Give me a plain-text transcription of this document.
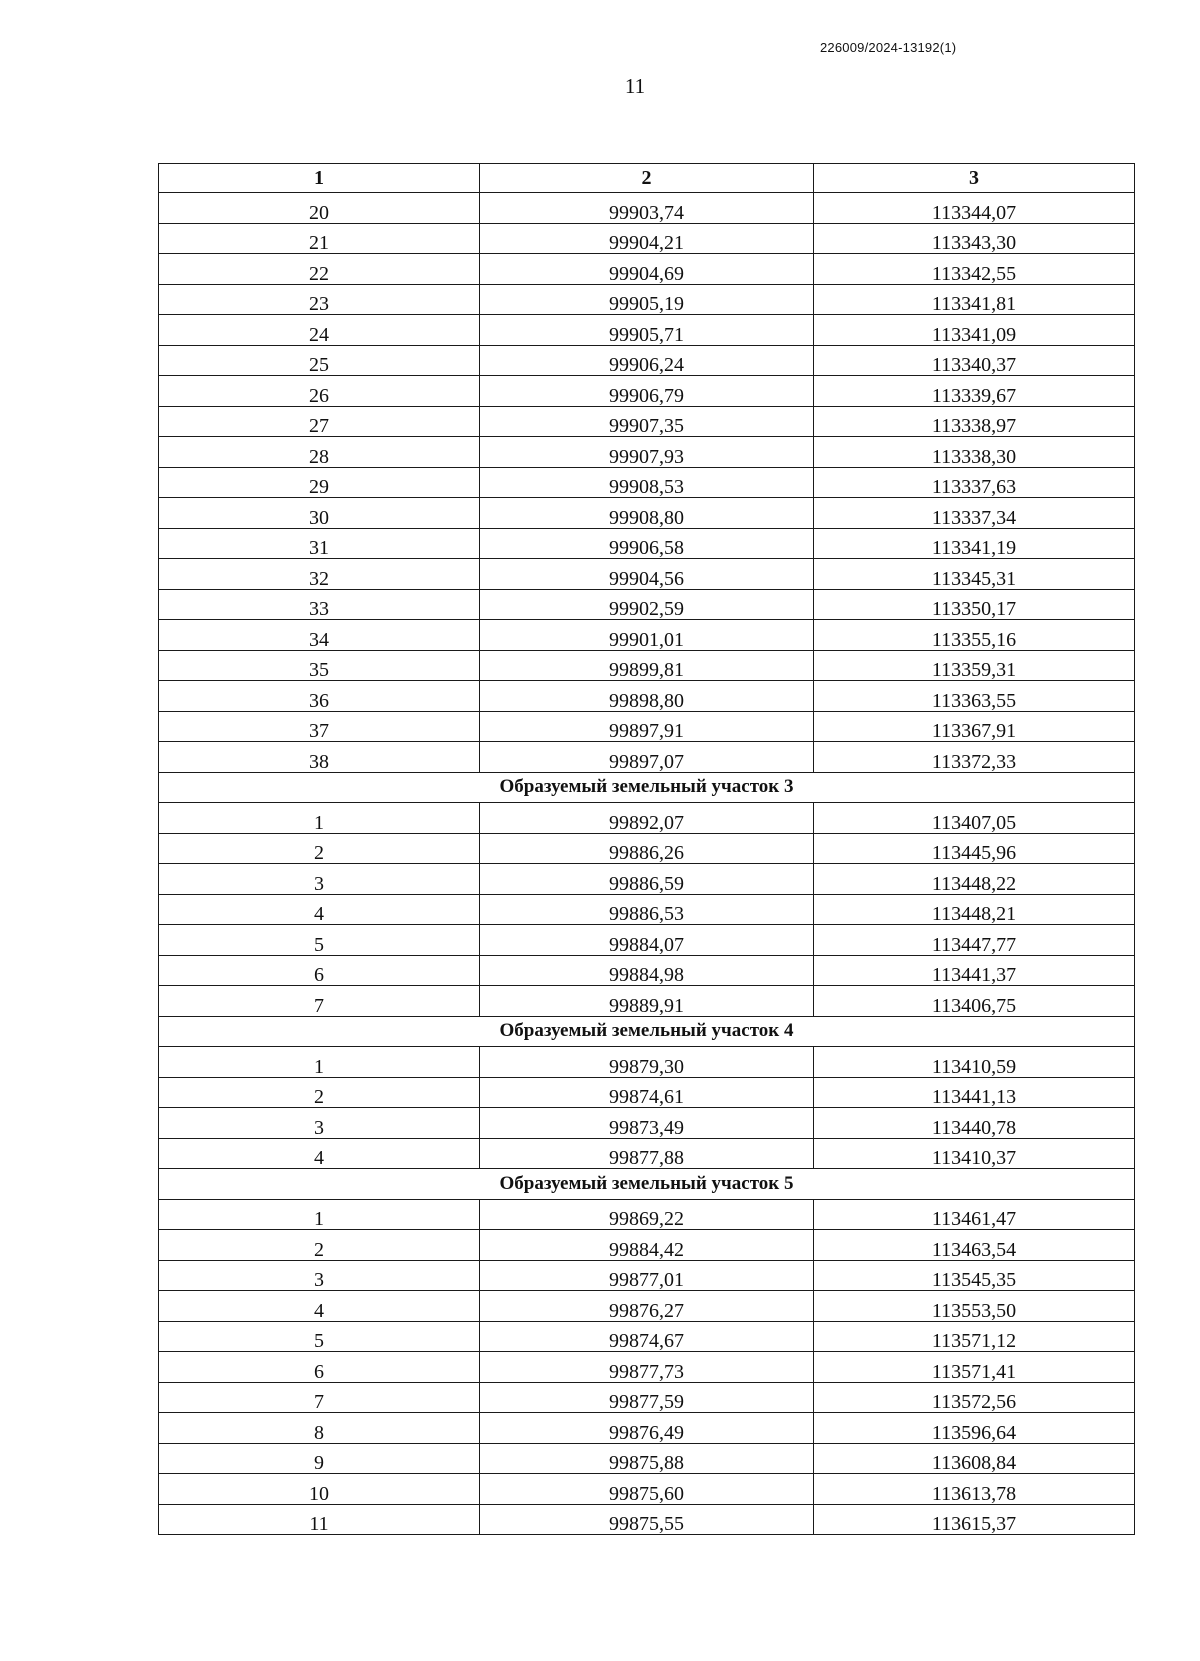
226009/2024-13192(1)
11
1	2	3
20	99903,74	113344,07
21	99904,21	113343,30
22	99904,69	113342,55
23	99905,19	113341,81
24	99905,71	113341,09
25	99906,24	113340,37
26	99906,79	113339,67
27	99907,35	113338,97
28	99907,93	113338,30
29	99908,53	113337,63
30	99908,80	113337,34
31	99906,58	113341,19
32	99904,56	113345,31
33	99902,59	113350,17
34	99901,01	113355,16
35	99899,81	113359,31
36	99898,80	113363,55
37	99897,91	113367,91
38	99897,07	113372,33
Образуемый земельный участок 3		
1	99892,07	113407,05
2	99886,26	113445,96
3	99886,59	113448,22
4	99886,53	113448,21
5	99884,07	113447,77
6	99884,98	113441,37
7	99889,91	113406,75
Образуемый земельный участок 4		
1	99879,30	113410,59
2	99874,61	113441,13
3	99873,49	113440,78
4	99877,88	113410,37
Образуемый земельный участок 5		
1	99869,22	113461,47
2	99884,42	113463,54
3	99877,01	113545,35
4	99876,27	113553,50
5	99874,67	113571,12
6	99877,73	113571,41
7	99877,59	113572,56
8	99876,49	113596,64
9	99875,88	113608,84
10	99875,60	113613,78
11	99875,55	113615,37
